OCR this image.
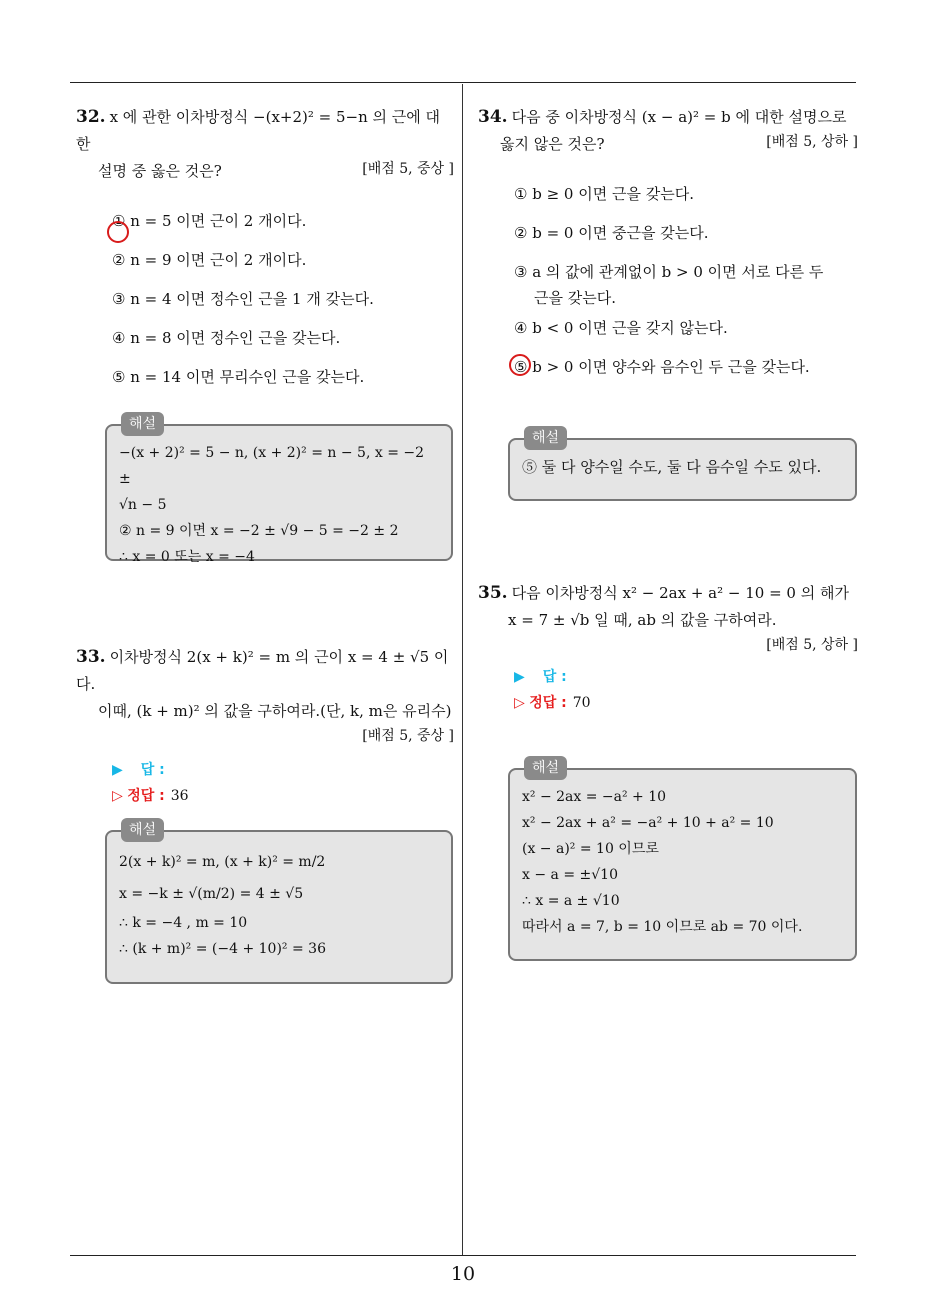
32. x 에 관한 이차방정식 −(x+2)² = 5−n 의 근에 대한
설명 중 옳은 것은?	[배점 5, 중상 ]
① n = 5 이면 근이 2 개이다.
② n = 9 이면 근이 2 개이다.
③ n = 4 이면 정수인 근을 1 개 갖는다.
④ n = 8 이면 정수인 근을 갖는다.
⑤ n = 14 이면 무리수인 근을 갖는다.
해설
−(x + 2)² = 5 − n, (x + 2)² = n − 5, x = −2 ±
√n − 5
② n = 9 이면 x = −2 ± √9 − 5 = −2 ± 2
∴ x = 0 또는 x = −4
33. 이차방정식 2(x + k)² = m 의 근이 x = 4 ± √5 이다.
이때, (k + m)² 의 값을 구하여라.(단, k, m은 유리수)
[배점 5, 중상 ]
▶ 답 :
▷ 정답 : 36
해설
2(x + k)² = m, (x + k)² = m/2
x = −k ± √(m/2) = 4 ± √5
∴ k = −4 , m = 10
∴ (k + m)² = (−4 + 10)² = 36
34. 다음 중 이차방정식 (x − a)² = b 에 대한 설명으로
옳지 않은 것은?	[배점 5, 상하 ]
① b ≥ 0 이면 근을 갖는다.
② b = 0 이면 중근을 갖는다.
③ a 의 값에 관계없이 b > 0 이면 서로 다른 두
근을 갖는다.
④ b < 0 이면 근을 갖지 않는다.
⑤ b > 0 이면 양수와 음수인 두 근을 갖는다.
해설
⑤ 둘 다 양수일 수도, 둘 다 음수일 수도 있다.
35. 다음 이차방정식 x² − 2ax + a² − 10 = 0 의 해가
x = 7 ± √b 일 때, ab 의 값을 구하여라.
[배점 5, 상하 ]
▶ 답 :
▷ 정답 : 70
해설
x² − 2ax = −a² + 10
x² − 2ax + a² = −a² + 10 + a² = 10
(x − a)² = 10 이므로
x − a = ±√10
∴ x = a ± √10
따라서 a = 7, b = 10 이므로 ab = 70 이다.
10
